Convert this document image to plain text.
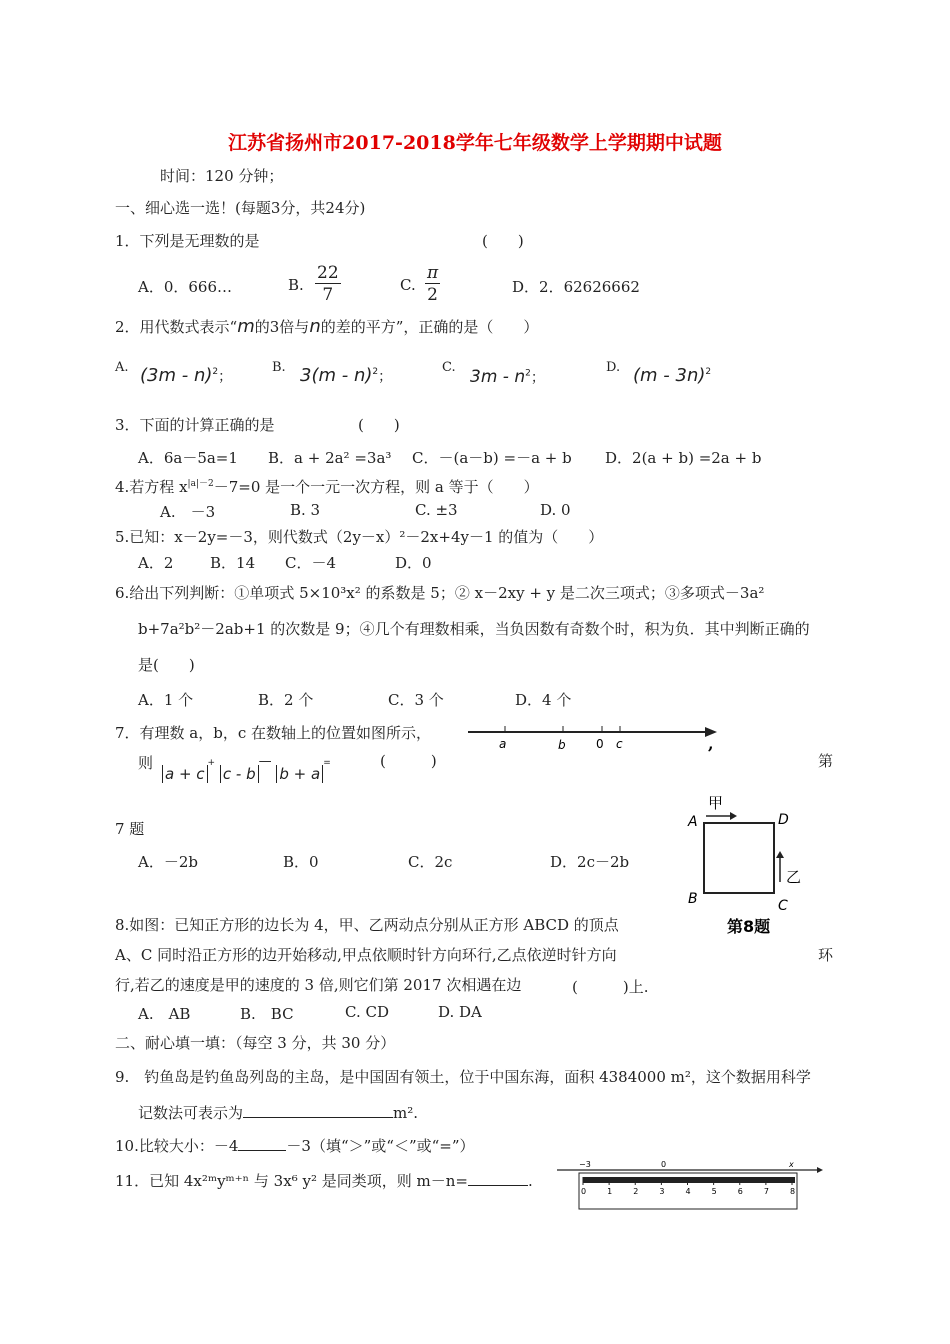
江苏省扬州市2017-2018学年七年级数学上学期期中试题
时间：120 分钟；
一、细心选一选！(每题3分，共24分)
1．下列是无理数的是	(　　)
A．0．666…	B. $\frac{22}{7}$	C. $\frac{\pi}{2}$	D．2．62626662
2．用代数式表示“m的3倍与n的差的平方”，正确的是（　　）
A. (3m - n)$^2$；
B. 3(m - n)$^2$；
C. $3m - n^2$；
D. (m - 3n)$^2$
3．下面的计算正确的是	(　　)
A．6a－5a=1 B．a + 2a² =3a³ C．－(a－b) =－a + b D．2(a + b) =2a + b
4.若方程 $x^{|a|-2}-7=0$ 是一个一元一次方程，则 a 等于（　　）
A.　－3	B. 3	C. ±3	D. 0
5.已知：x－2y=－3，则代数式（2y－x）²－2x+4y－1 的值为（　　）
A．2 B．14 C．－4	D．0
6.给出下列判断：①单项式 5×10³x² 的系数是 5；② x－2xy + y 是二次三项式；③多项式－3a²
b+7a²b²－2ab+1 的次数是 9；④几个有理数相乘，当负因数有奇数个时，积为负．其中判断正确的
是(　　)
A．1 个	B．2 个	C．3 个	D．4 个
7．有理数 a，b，c 在数轴上的位置如图所示，
a	b	0 c	,
则
a + c+ c - b— b + a=	(　　　)	第
7 题
A．－2b	B．0	C．2c	D．2c－2b
甲
乙
A	D
B	C
第8题
8.如图：已知正方形的边长为 4，甲、乙两动点分别从正方形 ABCD 的顶点
A、C 同时沿正方形的边开始移动,甲点依顺时针方向环行,乙点依逆时针方向	环
行,若乙的速度是甲的速度的 3 倍,则它们第 2017 次相遇在边	(　　　)上.
A.　AB	B.　BC	C. CD	D. DA
二、耐心填一填：（每空 3 分，共 30 分）
9.　钓鱼岛是钓鱼岛列岛的主岛，是中国固有领土，位于中国东海，面积 4384000 m²，这个数据用科学
记数法可表示为	m².
10.比较大小：－4	－3（填“＞”或“＜”或“=”）
11．已知 4x²ᵐyᵐ⁺ⁿ 与 3x⁶ y² 是同类项，则 m－n=	.
−3	0	x
0	1	2	3	4	5	6	7	8
